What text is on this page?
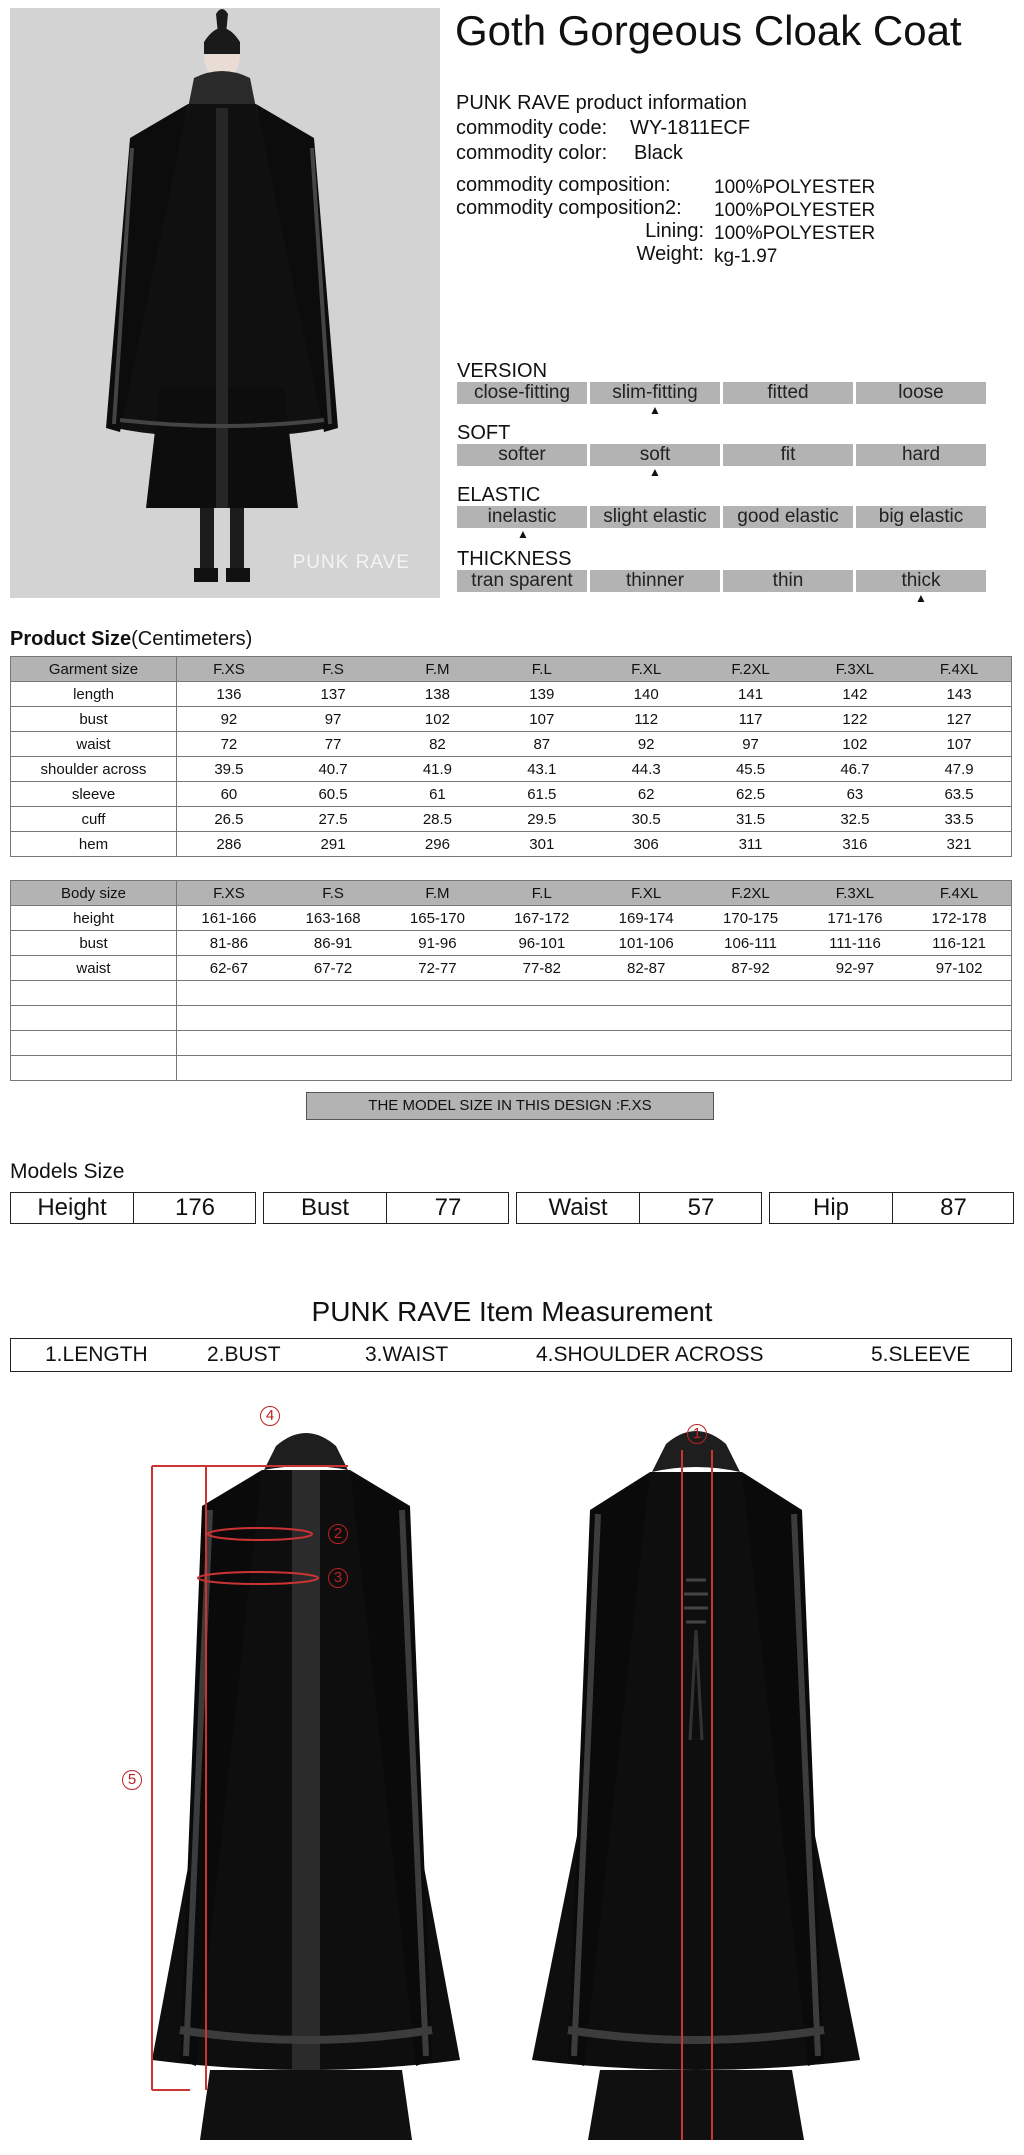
PUNK RAVE
Goth Gorgeous Cloak Coat
PUNK RAVE product information
commodity code: WY-1811ECF
commodity color: Black
commodity composition: 100%POLYESTER
commodity composition2: 100%POLYESTER
Lining: 100%POLYESTER
Weight: kg-1.97
VERSION
close-fitting	slim-fitting	fitted	loose
▲
SOFT
softer	soft	fit	hard
▲
ELASTIC
inelastic	slight elastic	good elastic	big elastic
▲
THICKNESS
tran sparent	thinner	thin	thick
▲
Product Size(Centimeters)
Garment size	F.XS	F.S	F.M	F.L	F.XL	F.2XL	F.3XL	F.4XL
length	136	137	138	139	140	141	142	143
bust	92	97	102	107	112	117	122	127
waist	72	77	82	87	92	97	102	107
shoulder across	39.5	40.7	41.9	43.1	44.3	45.5	46.7	47.9
sleeve	60	60.5	61	61.5	62	62.5	63	63.5
cuff	26.5	27.5	28.5	29.5	30.5	31.5	32.5	33.5
hem	286	291	296	301	306	311	316	321
Body size	F.XS	F.S	F.M	F.L	F.XL	F.2XL	F.3XL	F.4XL
height	161-166	163-168	165-170	167-172	169-174	170-175	171-176	172-178
bust	81-86	86-91	91-96	96-101	101-106	106-111	111-116	116-121
waist	62-67	67-72	72-77	77-82	82-87	87-92	92-97	97-102

THE MODEL SIZE IN THIS DESIGN :F.XS
Models Size
Height	176	Bust	77	Waist	57	Hip	87
PUNK RAVE Item Measurement
1.LENGTH	2.BUST	3.WAIST	4.SHOULDER ACROSS	5.SLEEVE
4
2
3
5
1
